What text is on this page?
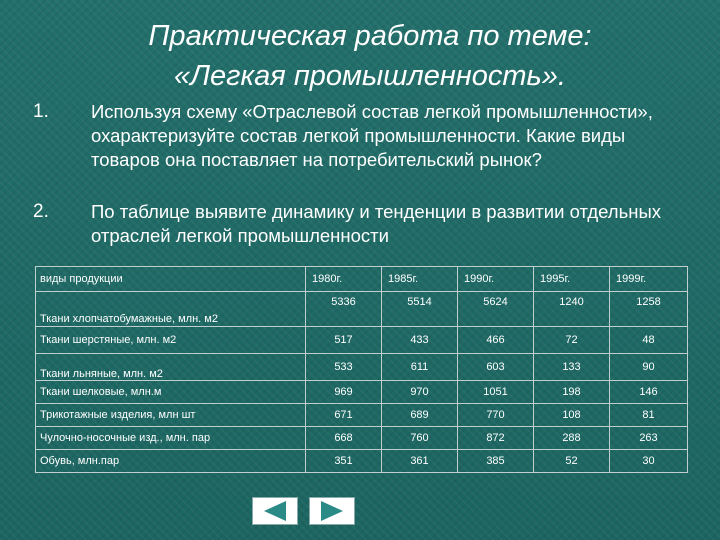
Практическая работа по теме:
«Легкая промышленность».
1. Используя схему «Отраслевой состав легкой промышленности», охарактеризуйте состав легкой промышленности. Какие виды товаров она поставляет на потребительский рынок?
2. По таблице выявите динамику и тенденции в развитии отдельных отраслей легкой промышленности
виды продукции	1980г.	1985г.	1990г.	1995г.	1999г.
Ткани хлопчатобумажные, млн. м2	5336	5514	5624	1240	1258
Ткани шерстяные, млн. м2	517	433	466	72	48
Ткани льняные, млн. м2	533	611	603	133	90
Ткани шелковые, млн.м	969	970	1051	198	146
Трикотажные изделия, млн шт	671	689	770	108	81
Чулочно-носочные изд., млн. пар	668	760	872	288	263
Обувь, млн.пар	351	361	385	52	30
